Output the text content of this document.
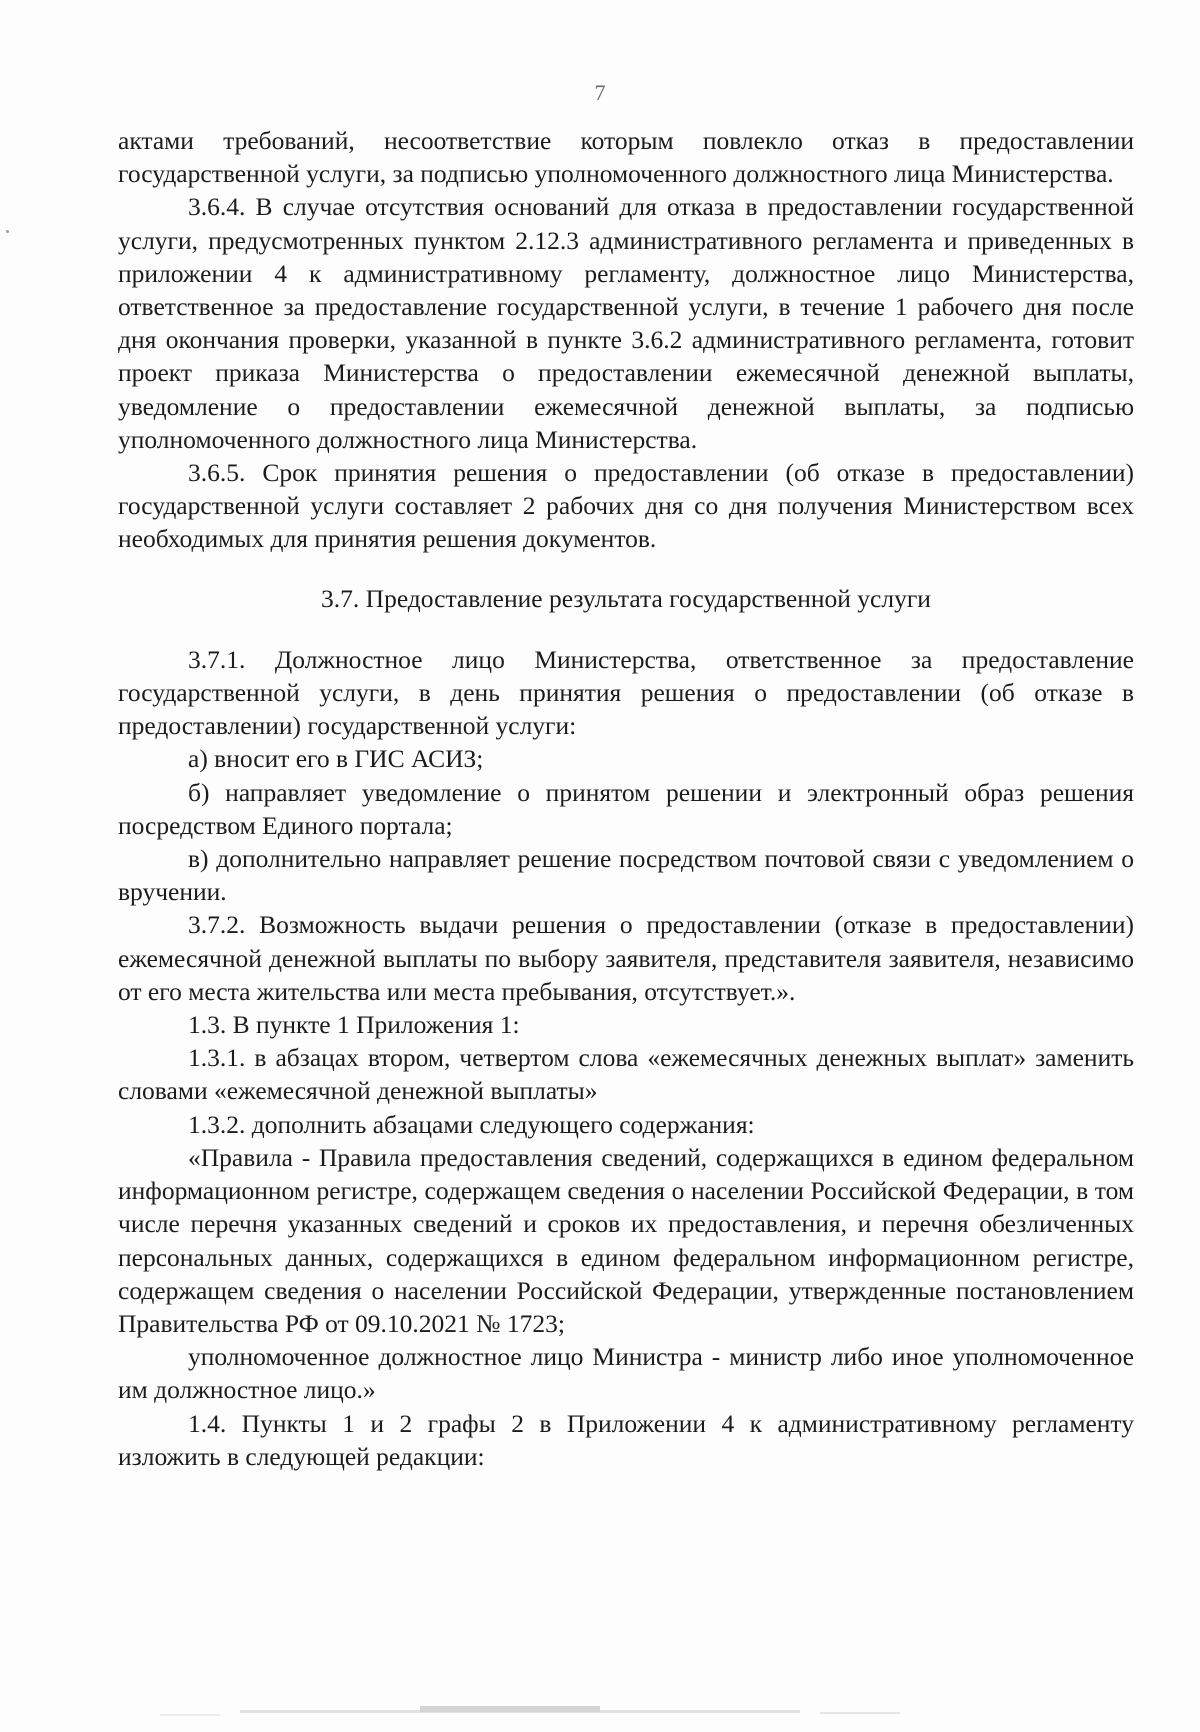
7

актами требований, несоответствие которым повлекло отказ в предоставлении государственной услуги, за подписью уполномоченного должностного лица Министерства.

3.6.4. В случае отсутствия оснований для отказа в предоставлении государственной услуги, предусмотренных пунктом 2.12.3 административного регламента и приведенных в приложении 4 к административному регламенту, должностное лицо Министерства, ответственное за предоставление государственной услуги, в течение 1 рабочего дня после дня окончания проверки, указанной в пункте 3.6.2 административного регламента, готовит проект приказа Министерства о предоставлении ежемесячной денежной выплаты, уведомление о предоставлении ежемесячной денежной выплаты, за подписью уполномоченного должностного лица Министерства.

3.6.5. Срок принятия решения о предоставлении (об отказе в предоставлении) государственной услуги составляет 2 рабочих дня со дня получения Министерством всех необходимых для принятия решения документов.

3.7. Предоставление результата государственной услуги

3.7.1. Должностное лицо Министерства, ответственное за предоставление государственной услуги, в день принятия решения о предоставлении (об отказе в предоставлении) государственной услуги:

а) вносит его в ГИС АСИЗ;

б) направляет уведомление о принятом решении и электронный образ решения посредством Единого портала;

в) дополнительно направляет решение посредством почтовой связи с уведомлением о вручении.

3.7.2. Возможность выдачи решения о предоставлении (отказе в предоставлении) ежемесячной денежной выплаты по выбору заявителя, представителя заявителя, независимо от его места жительства или места пребывания, отсутствует.».

1.3. В пункте 1 Приложения 1:

1.3.1. в абзацах втором, четвертом слова «ежемесячных денежных выплат» заменить словами «ежемесячной денежной выплаты»

1.3.2. дополнить абзацами следующего содержания:

«Правила - Правила предоставления сведений, содержащихся в едином федеральном информационном регистре, содержащем сведения о населении Российской Федерации, в том числе перечня указанных сведений и сроков их предоставления, и перечня обезличенных персональных данных, содержащихся в едином федеральном информационном регистре, содержащем сведения о населении Российской Федерации, утвержденные постановлением Правительства РФ от 09.10.2021 № 1723;

уполномоченное должностное лицо Министра - министр либо иное уполномоченное им должностное лицо.»

1.4. Пункты 1 и 2 графы 2 в Приложении 4 к административному регламенту изложить в следующей редакции:
